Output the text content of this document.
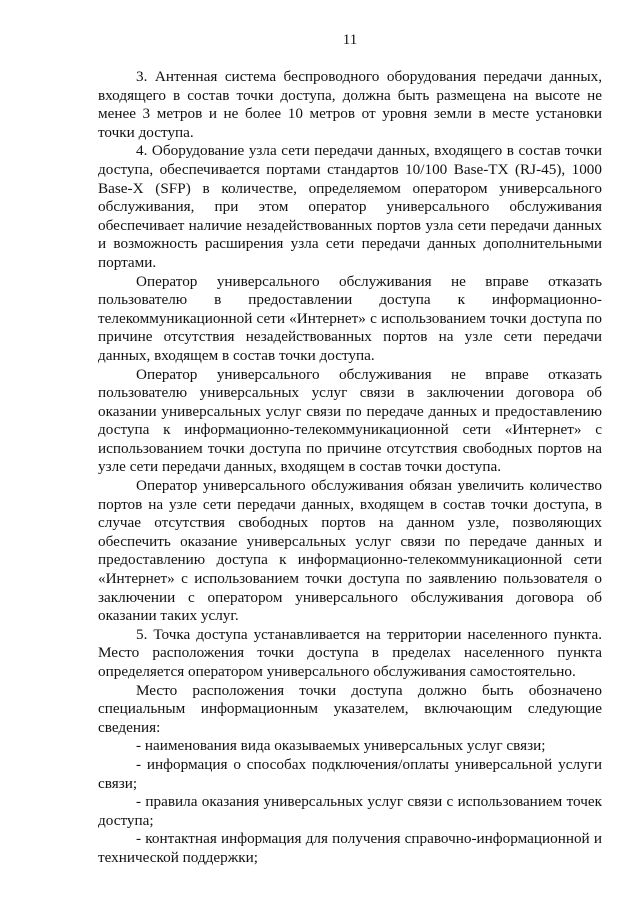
11

3. Антенная система беспроводного оборудования передачи данных, входящего в состав точки доступа, должна быть размещена на высоте не менее 3 метров и не более 10 метров от уровня земли в месте установки точки доступа.

4. Оборудование узла сети передачи данных, входящего в состав точки доступа, обеспечивается портами стандартов 10/100 Base-TX (RJ-45), 1000 Base-X (SFP) в количестве, определяемом оператором универсального обслуживания, при этом оператор универсального обслуживания обеспечивает наличие незадействованных портов узла сети передачи данных и возможность расширения узла сети передачи данных дополнительными портами.

Оператор универсального обслуживания не вправе отказать пользователю в предоставлении доступа к информационно-телекоммуникационной сети «Интернет» с использованием точки доступа по причине отсутствия незадействованных портов на узле сети передачи данных, входящем в состав точки доступа.

Оператор универсального обслуживания не вправе отказать пользователю универсальных услуг связи в заключении договора об оказании универсальных услуг связи по передаче данных и предоставлению доступа к информационно-телекоммуникационной сети «Интернет» с использованием точки доступа по причине отсутствия свободных портов на узле сети передачи данных, входящем в состав точки доступа.

Оператор универсального обслуживания обязан увеличить количество портов на узле сети передачи данных, входящем в состав точки доступа, в случае отсутствия свободных портов на данном узле, позволяющих обеспечить оказание универсальных услуг связи по передаче данных и предоставлению доступа к информационно-телекоммуникационной сети «Интернет» с использованием точки доступа по заявлению пользователя о заключении с оператором универсального обслуживания договора об оказании таких услуг.

5. Точка доступа устанавливается на территории населенного пункта. Место расположения точки доступа в пределах населенного пункта определяется оператором универсального обслуживания самостоятельно.

Место расположения точки доступа должно быть обозначено специальным информационным указателем, включающим следующие сведения:

- наименования вида оказываемых универсальных услуг связи;

- информация о способах подключения/оплаты универсальной услуги связи;

- правила оказания универсальных услуг связи с использованием точек доступа;

- контактная информация для получения справочно-информационной и технической поддержки;
